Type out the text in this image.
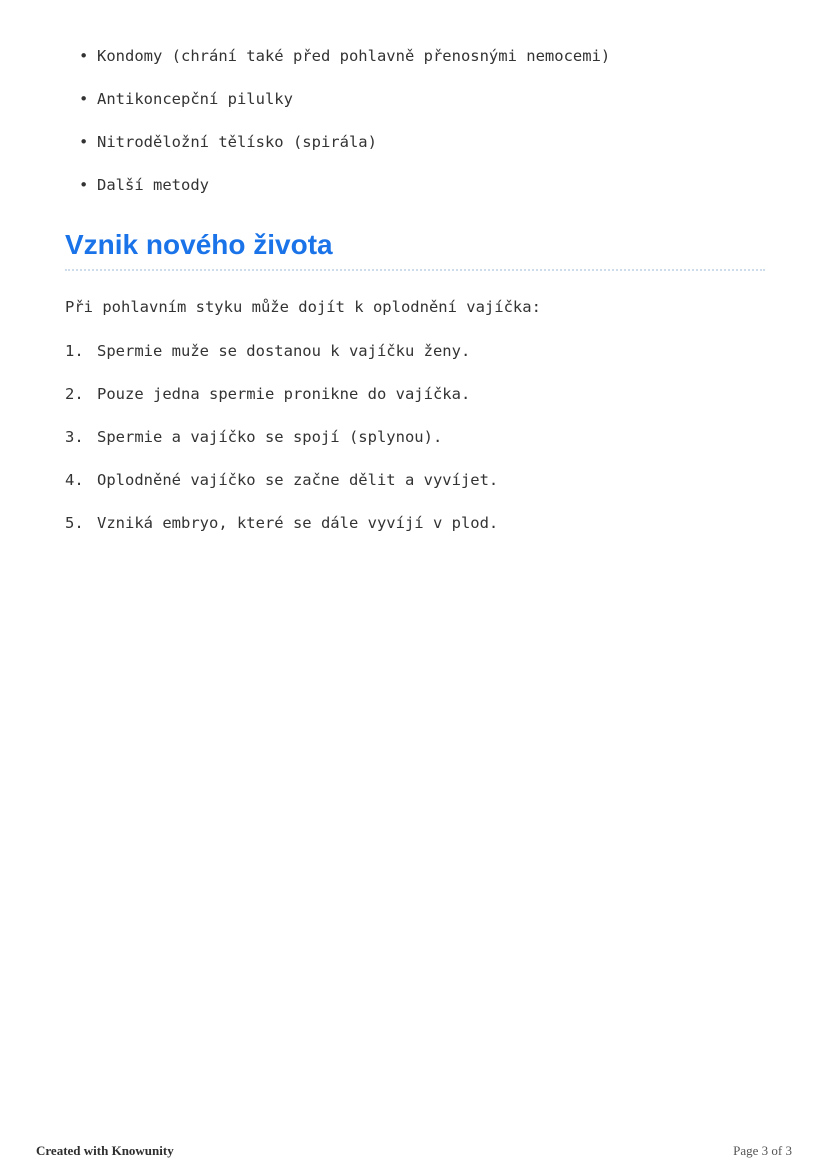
• Kondomy (chrání také před pohlavně přenosnými nemocemi)
• Antikoncepční pilulky
• Nitroděložní tělísko (spirála)
• Další metody
Vznik nového života

Při pohlavním styku může dojít k oplodnění vajíčka:

Spermie muže se dostanou k vajíčku ženy.
Pouze jedna spermie pronikne do vajíčka.
Spermie a vajíčko se spojí (splynou).
Oplodněné vajíčko se začne dělit a vyvíjet.
Vzniká embryo, které se dále vyvíjí v plod.
Created with Knowunity	Page 3 of 3
